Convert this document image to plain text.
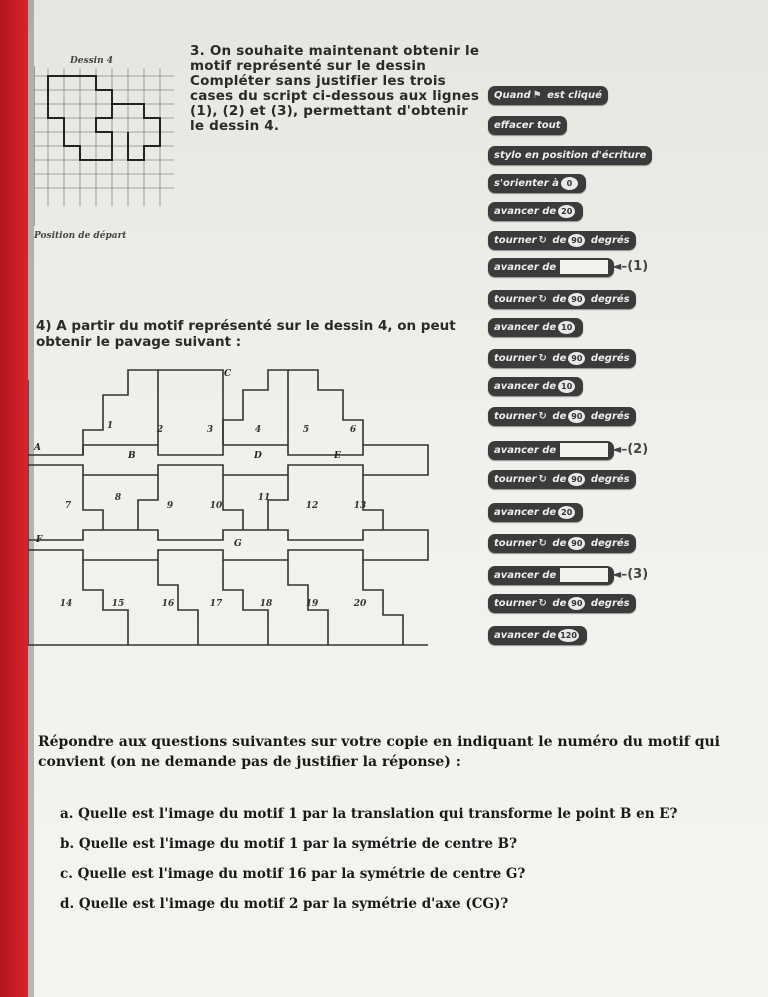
Dessin 4
Position de départ
3. On souhaite maintenant obtenir le motif représenté sur le dessin Compléter sans justifier les trois cases du script ci-dessous aux lignes (1), (2) et (3), permettant d'obtenir le dessin 4.
Quand ⚑ est cliqué
effacer tout
stylo en position d'écriture
s'orienter à 0
avancer de 20
tourner ↻ de 90 degrés
avancer de	◄–(1)
tourner ↻ de 90 degrés
avancer de 10
tourner ↻ de 90 degrés
avancer de 10
tourner ↻ de 90 degrés
avancer de	◄–(2)
tourner ↻ de 90 degrés
avancer de 20
tourner ↻ de 90 degrés
avancer de	◄–(3)
tourner ↻ de 90 degrés
avancer de 120
4) A partir du motif représenté sur le dessin 4, on peut obtenir le pavage suivant :
1	2	3	4	5	6
7
8
9	10
11
12	13
14	15	16	17	18	19	20
A
B
C
D	E
F	G
Répondre aux questions suivantes sur votre copie en indiquant le numéro du motif qui convient (on ne demande pas de justifier la réponse) :
a. Quelle est l'image du motif 1 par la translation qui transforme le point B en E?
b. Quelle est l'image du motif 1 par la symétrie de centre B?
c. Quelle est l'image du motif 16 par la symétrie de centre G?
d. Quelle est l'image du motif 2 par la symétrie d'axe (CG)?
